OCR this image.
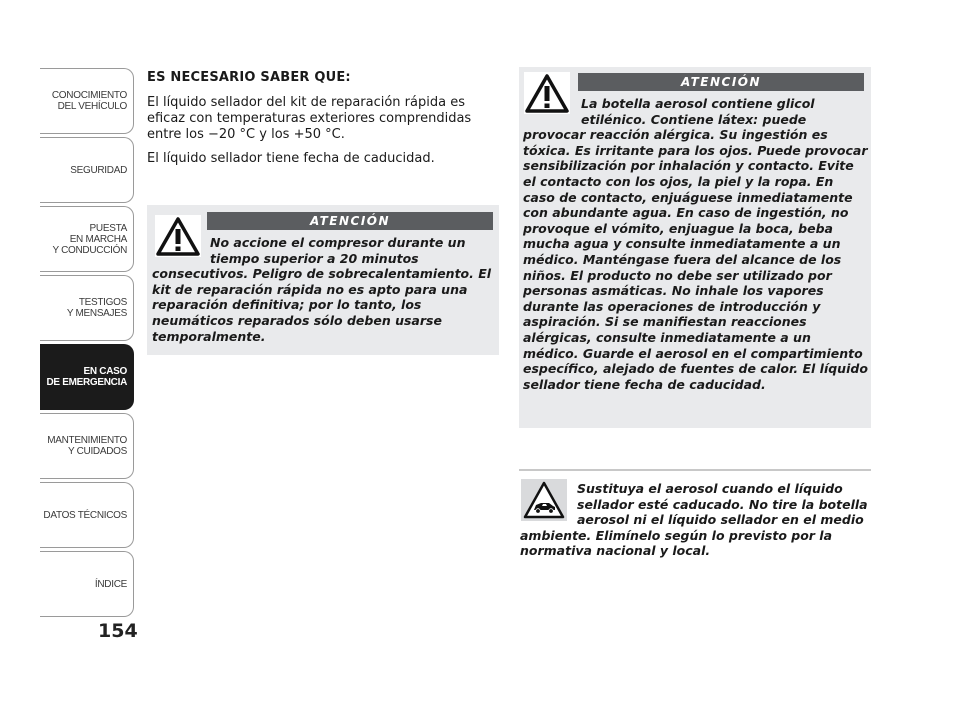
CONOCIMIENTO
DEL VEHÍCULO
SEGURIDAD
PUESTA
EN MARCHA
Y CONDUCCIÓN
TESTIGOS
Y MENSAJES
EN CASO
DE EMERGENCIA
MANTENIMIENTO
Y CUIDADOS
DATOS TÉCNICOS
ÍNDICE
154
ES NECESARIO SABER QUE:

El líquido sellador del kit de reparación rápida es eficaz con temperaturas exteriores comprendidas entre los −20 °C y los +50 °C.

El líquido sellador tiene fecha de caducidad.

ATENCIÓN
No accione el compresor durante un tiempo superior a 20 minutos
consecutivos. Peligro de sobrecalentamiento. El kit de reparación rápida no es apto para una reparación definitiva; por lo tanto, los neumáticos reparados sólo deben usarse temporalmente.
ATENCIÓN
La botella aerosol contiene glicol etilénico. Contiene látex: puede
provocar reacción alérgica. Su ingestión es tóxica. Es irritante para los ojos. Puede provocar sensibilización por inhalación y contacto. Evite el contacto con los ojos, la piel y la ropa. En caso de contacto, enjuáguese inmediatamente con abundante agua. En caso de ingestión, no provoque el vómito, enjuague la boca, beba mucha agua y consulte inmediatamente a un médico. Manténgase fuera del alcance de los niños. El producto no debe ser utilizado por personas asmáticas. No inhale los vapores durante las operaciones de introducción y aspiración. Si se manifiestan reacciones alérgicas, consulte inmediatamente a un médico. Guarde el aerosol en el compartimiento específico, alejado de fuentes de calor. El líquido sellador tiene fecha de caducidad.
Sustituya el aerosol cuando el líquido sellador esté caducado. No tire la botella aerosol ni el líquido sellador en el medio
ambiente. Elimínelo según lo previsto por la normativa nacional y local.
